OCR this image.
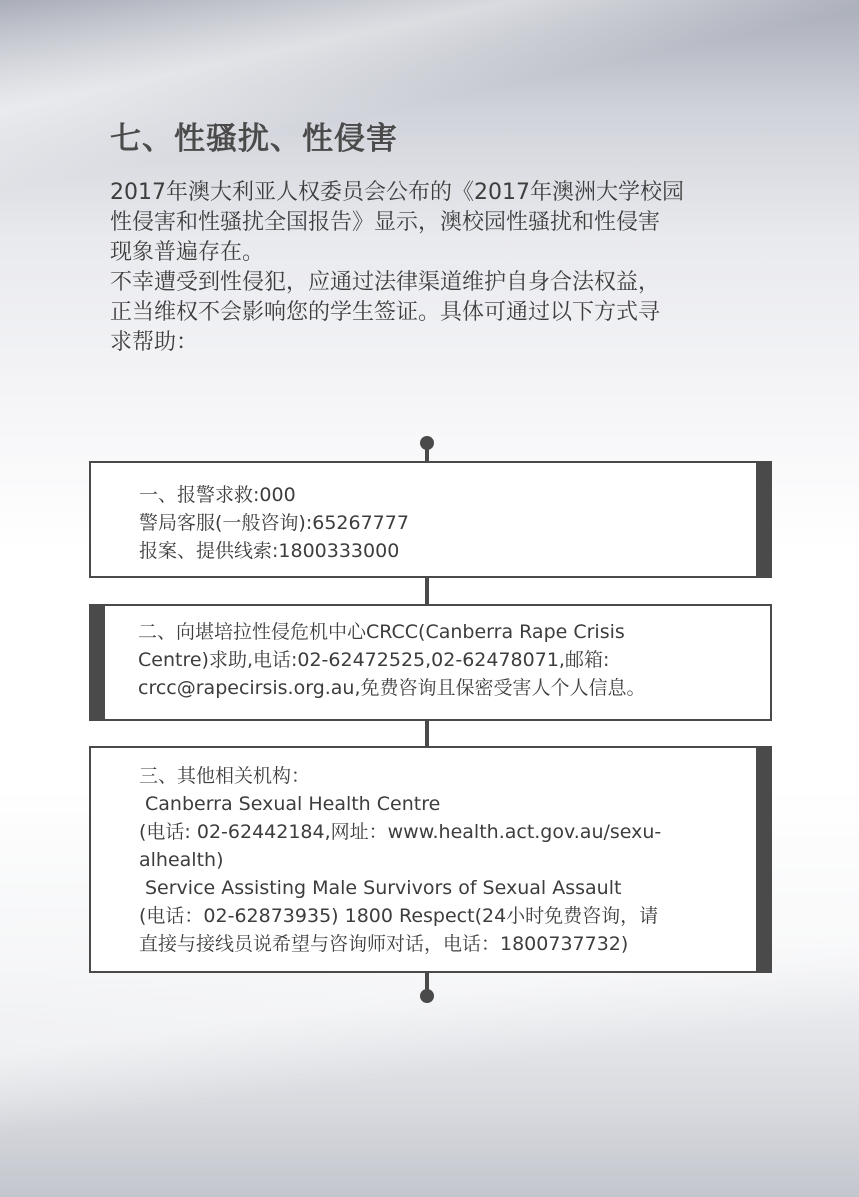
七、性骚扰、性侵害

2017年澳大利亚人权委员会公布的《2017年澳洲大学校园
性侵害和性骚扰全国报告》显示，澳校园性骚扰和性侵害
现象普遍存在。

不幸遭受到性侵犯，应通过法律渠道维护自身合法权益，
正当维权不会影响您的学生签证。具体可通过以下方式寻
求帮助：

一、报警求救:000
警局客服(一般咨询):65267777
报案、提供线索:1800333000
二、向堪培拉性侵危机中心CRCC(Canberra Rape Crisis
Centre)求助,电话:02-62472525,02-62478071,邮箱:
crcc@rapecirsis.org.au,免费咨询且保密受害人个人信息。
三、其他相关机构：
Canberra Sexual Health Centre
(电话: 02-62442184,网址：www.health.act.gov.au/sexu-
alhealth)
Service Assisting Male Survivors of Sexual Assault
(电话：02-62873935) 1800 Respect(24小时免费咨询，请
直接与接线员说希望与咨询师对话，电话：1800737732)
